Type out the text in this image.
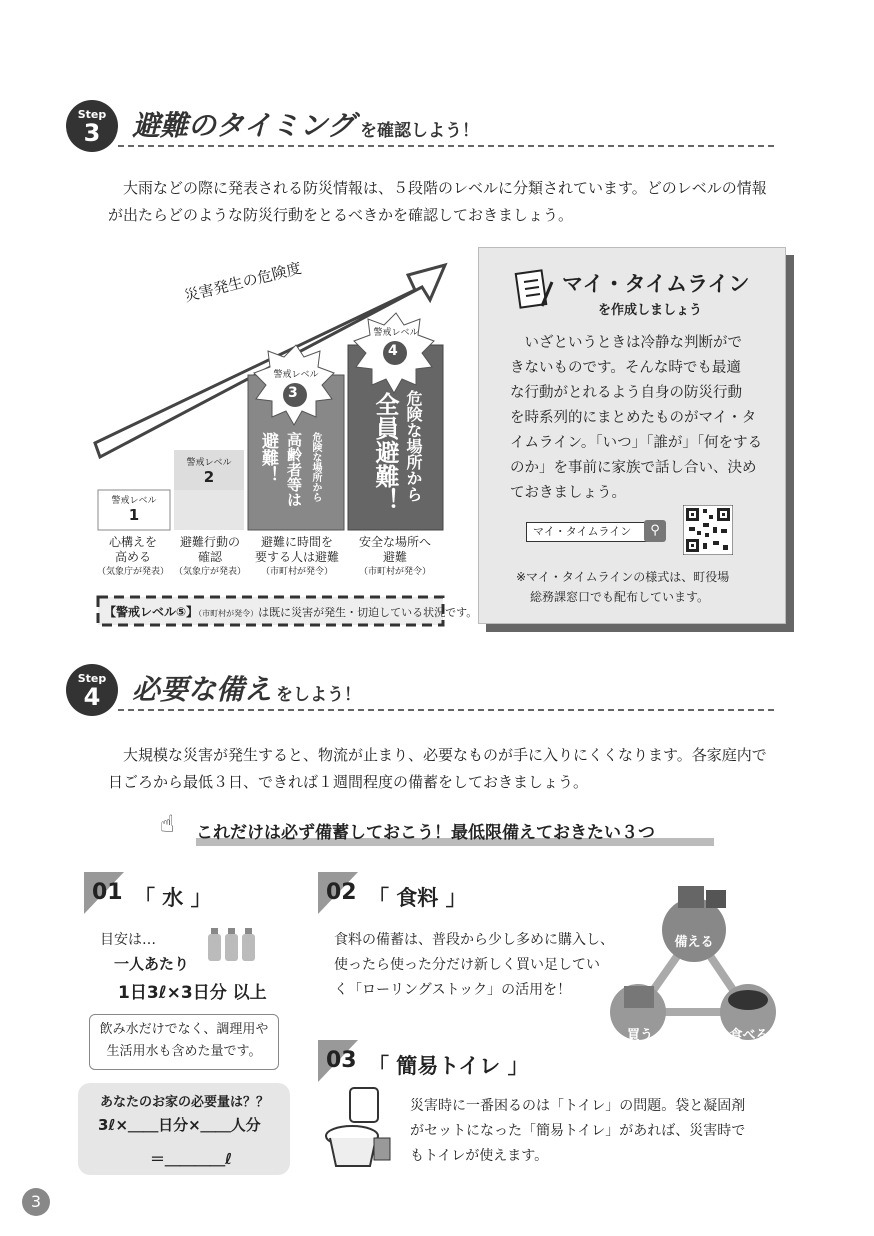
Step
3	避難のタイミング を確認しよう！
　大雨などの際に発表される防災情報は、５段階のレベルに分類されています。どのレベルの情報
が出たらどのような防災行動をとるべきかを確認しておきましょう。
災害発生の危険度
警戒レベル
1
警戒レベル
2
警戒レベル
3
警戒レベル
4
危険な場所から
高齢者等は
避難！	危険な場所から
全員避難！
心構えを
高める
（気象庁が発表）
避難行動の
確認
（気象庁が発表）
避難に時間を
要する人は避難
（市町村が発令）
安全な場所へ
避難
（市町村が発令）
【警戒レベル⑤】（市町村が発令）は既に災害が発生・切迫している状況です。
マイ・タイムライン
を作成しましょう
　いざというときは冷静な判断がで
きないものです。そんな時でも最適
な行動がとれるよう自身の防災行動
を時系列的にまとめたものがマイ・タ
イムライン。「いつ」「誰が」「何をする
のか」を事前に家族で話し合い、決め
ておきましょう。
マイ・タイムライン	⚲
※マイ・タイムラインの様式は、町役場
総務課窓口でも配布しています。
Step
4	必要な備え をしよう！
　大規模な災害が発生すると、物流が止まり、必要なものが手に入りにくくなります。各家庭内で
日ごろから最低３日、できれば１週間程度の備蓄をしておきましょう。
☝	これだけは必ず備蓄しておこう！最低限備えておきたい３つ
01 「 水 」
目安は…
一人あたり
1日3ℓ×3日分 以上
飲み水だけでなく、調理用や
生活用水も含めた量です。
あなたのお家の必要量は？？
3ℓ×＿＿日分×＿＿人分
＝＿＿＿＿ℓ
02 「 食料 」
食料の備蓄は、普段から少し多めに購入し、
使ったら使った分だけ新しく買い足してい
く「ローリングストック」の活用を！
備える
買う	食べる
03 「 簡易トイレ 」
災害時に一番困るのは「トイレ」の問題。袋と凝固剤
がセットになった「簡易トイレ」があれば、災害時で
もトイレが使えます。
3
